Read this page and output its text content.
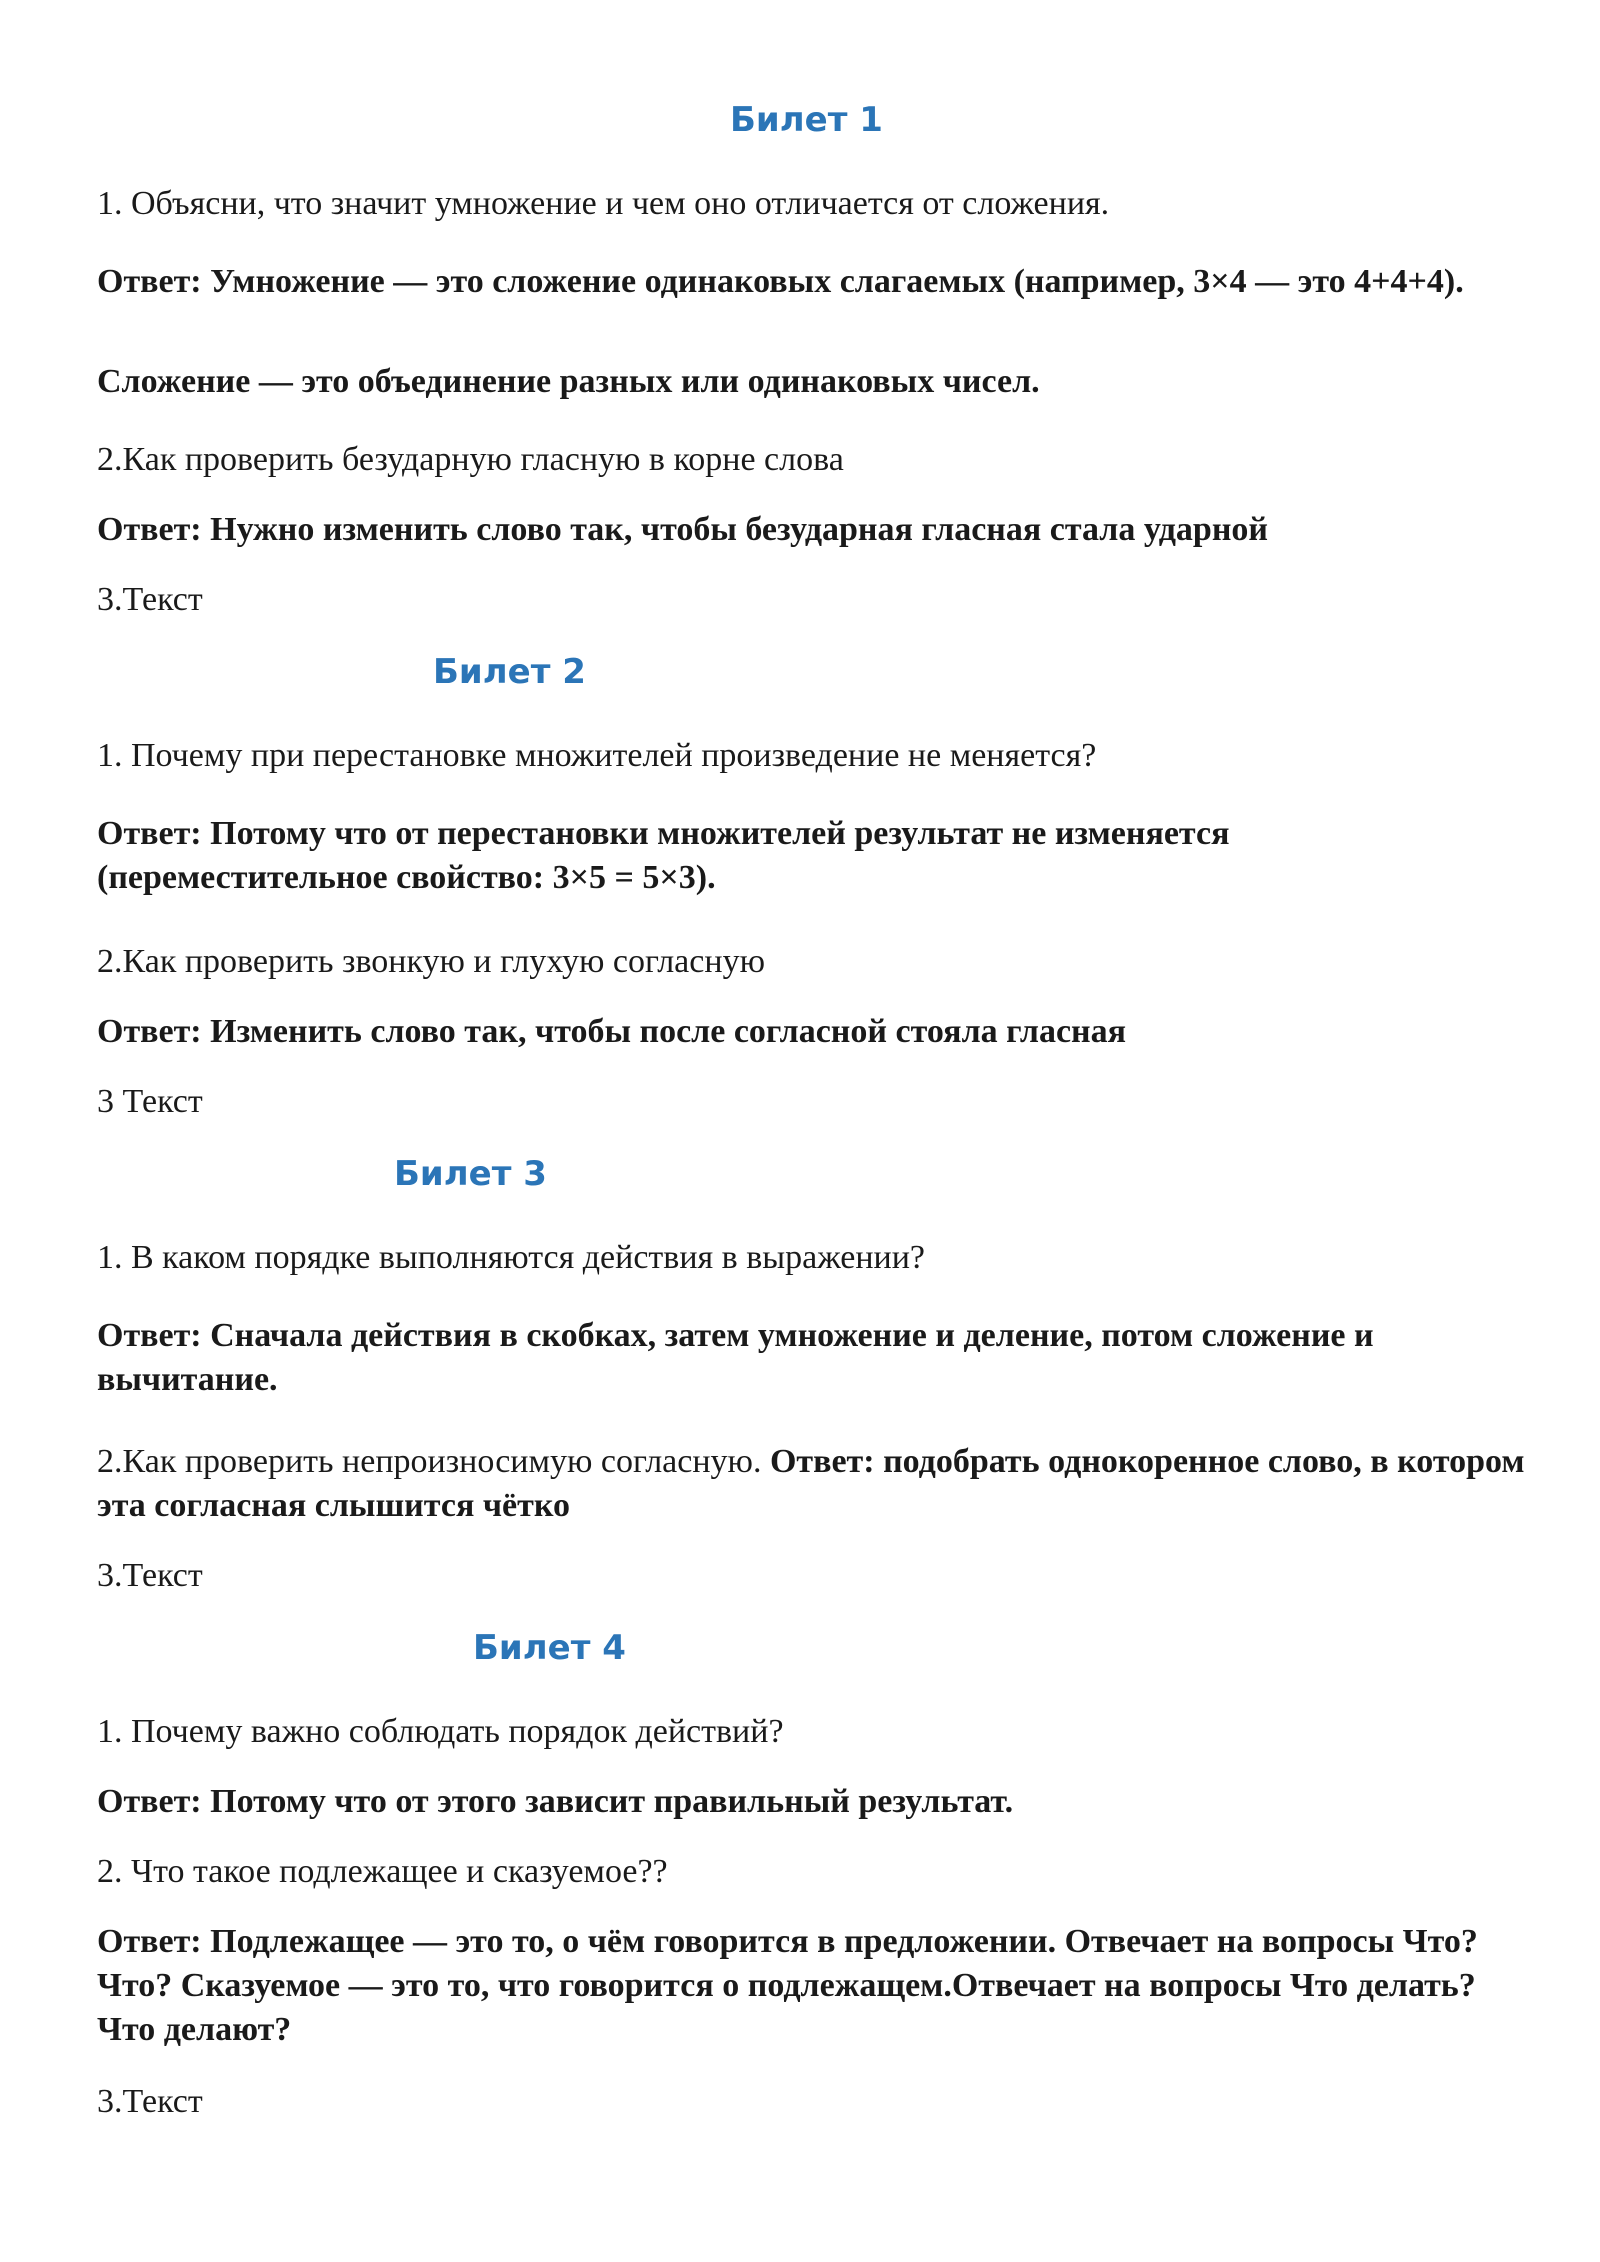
Билет 1

1. Объясни, что значит умножение и чем оно отличается от сложения.

Ответ: Умножение — это сложение одинаковых слагаемых (например, 3×4 — это 4+4+4).

Сложение — это объединение разных или одинаковых чисел.

2.Как проверить безударную гласную в корне слова

Ответ: Нужно изменить слово так, чтобы безударная гласная стала ударной

3.Текст

Билет 2

1. Почему при перестановке множителей произведение не меняется?

Ответ: Потому что от перестановки множителей результат не изменяется (переместительное свойство: 3×5 = 5×3).

2.Как проверить звонкую и глухую согласную

Ответ: Изменить слово так, чтобы после согласной стояла гласная

3 Текст

Билет 3

1. В каком порядке выполняются действия в выражении?

Ответ: Сначала действия в скобках, затем умножение и деление, потом сложение и вычитание.

2.Как проверить непроизносимую согласную. Ответ: подобрать однокоренное слово, в котором эта согласная слышится чётко

3.Текст

Билет 4

1. Почему важно соблюдать порядок действий?

Ответ: Потому что от этого зависит правильный результат.

2. Что такое подлежащее и сказуемое??

Ответ: Подлежащее — это то, о чём говорится в предложении. Отвечает на вопросы Что? Что? Сказуемое — это то, что говорится о подлежащем.Отвечает на вопросы Что делать? Что делают?

3.Текст
